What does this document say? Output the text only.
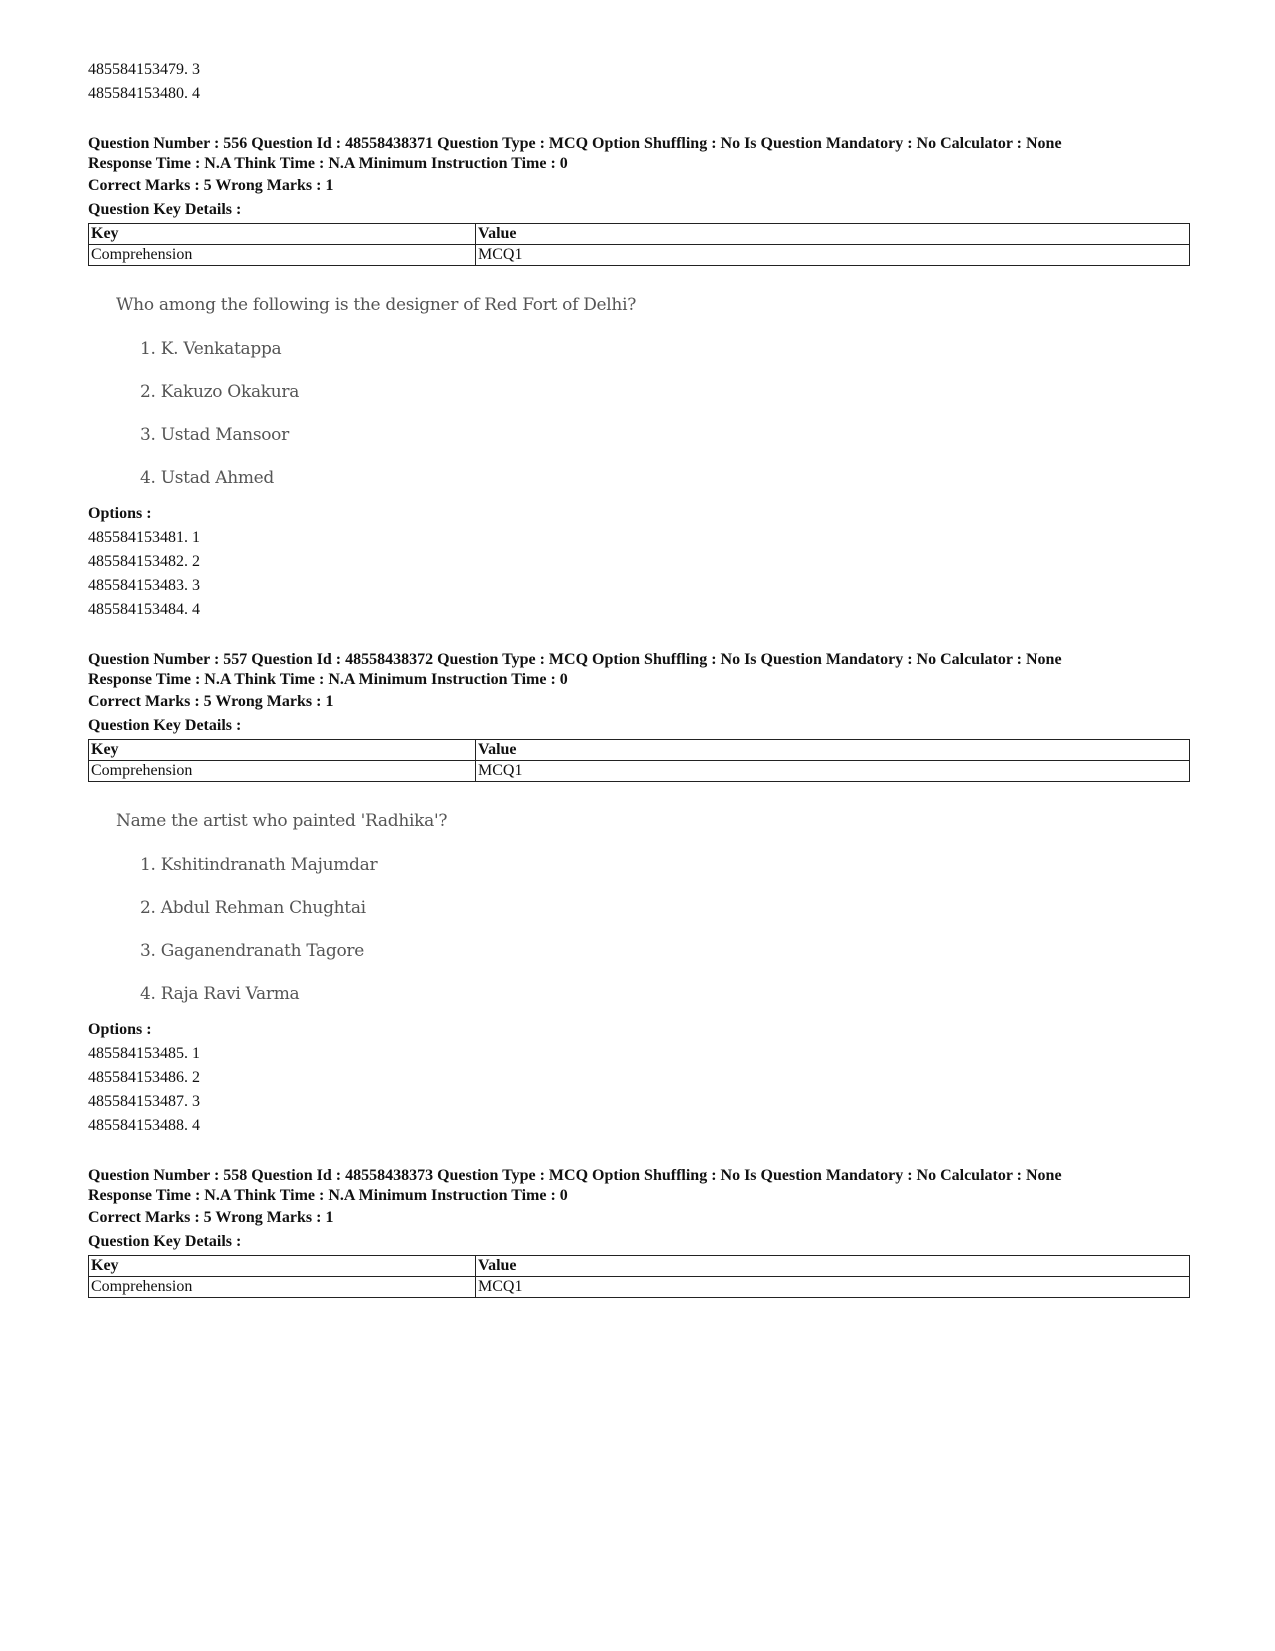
485584153479. 3
485584153480. 4
Question Number : 556 Question Id : 48558438371 Question Type : MCQ Option Shuffling : No Is Question Mandatory : No Calculator : None
Response Time : N.A Think Time : N.A Minimum Instruction Time : 0
Correct Marks : 5 Wrong Marks : 1
Question Key Details :
Key	Value
Comprehension	MCQ1
Who among the following is the designer of Red Fort of Delhi?
1. K. Venkatappa
2. Kakuzo Okakura
3. Ustad Mansoor
4. Ustad Ahmed
Options :
485584153481. 1
485584153482. 2
485584153483. 3
485584153484. 4
Question Number : 557 Question Id : 48558438372 Question Type : MCQ Option Shuffling : No Is Question Mandatory : No Calculator : None
Response Time : N.A Think Time : N.A Minimum Instruction Time : 0
Correct Marks : 5 Wrong Marks : 1
Question Key Details :
Key	Value
Comprehension	MCQ1
Name the artist who painted 'Radhika'?
1. Kshitindranath Majumdar
2. Abdul Rehman Chughtai
3. Gaganendranath Tagore
4. Raja Ravi Varma
Options :
485584153485. 1
485584153486. 2
485584153487. 3
485584153488. 4
Question Number : 558 Question Id : 48558438373 Question Type : MCQ Option Shuffling : No Is Question Mandatory : No Calculator : None
Response Time : N.A Think Time : N.A Minimum Instruction Time : 0
Correct Marks : 5 Wrong Marks : 1
Question Key Details :
Key	Value
Comprehension	MCQ1
